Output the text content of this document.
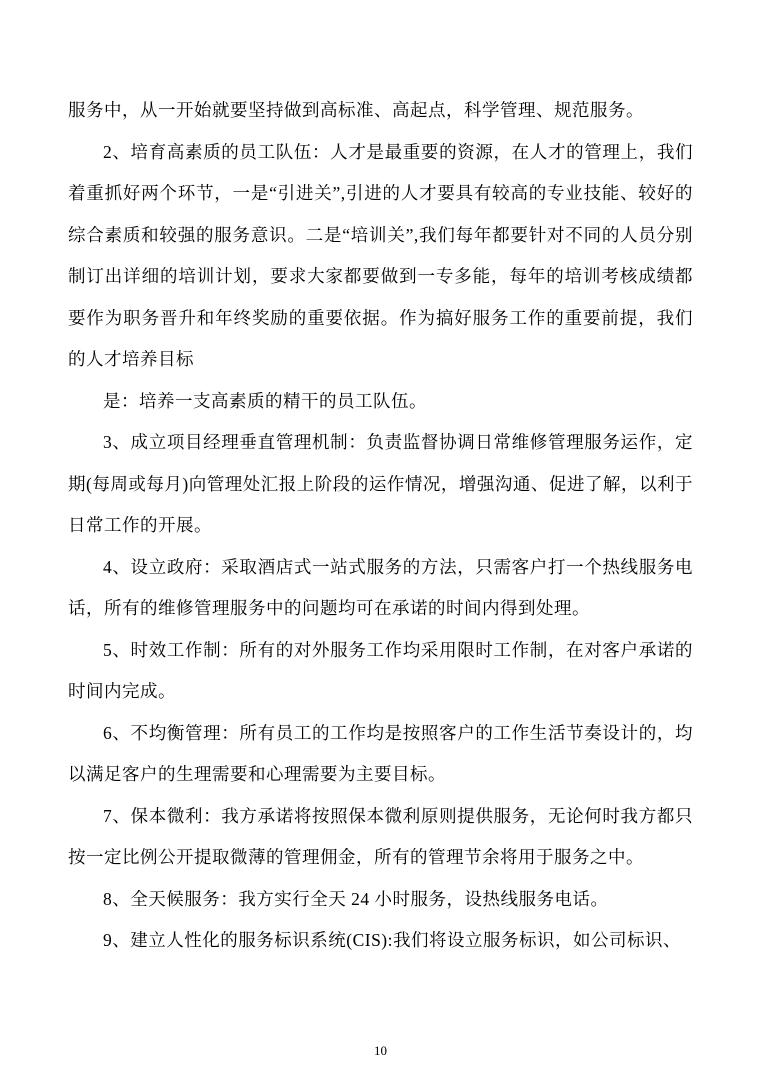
服务中，从一开始就要坚持做到高标准、高起点，科学管理、规范服务。

2、培育高素质的员工队伍：人才是最重要的资源，在人才的管理上，我们着重抓好两个环节，一是“引进关”,引进的人才要具有较高的专业技能、较好的综合素质和较强的服务意识。二是“培训关”,我们每年都要针对不同的人员分别制订出详细的培训计划，要求大家都要做到一专多能，每年的培训考核成绩都要作为职务晋升和年终奖励的重要依据。作为搞好服务工作的重要前提，我们的人才培养目标

是：培养一支高素质的精干的员工队伍。

3、成立项目经理垂直管理机制：负责监督协调日常维修管理服务运作，定期(每周或每月)向管理处汇报上阶段的运作情况，增强沟通、促进了解，以利于日常工作的开展。

4、设立政府：采取酒店式一站式服务的方法，只需客户打一个热线服务电话，所有的维修管理服务中的问题均可在承诺的时间内得到处理。

5、时效工作制：所有的对外服务工作均采用限时工作制，在对客户承诺的时间内完成。

6、不均衡管理：所有员工的工作均是按照客户的工作生活节奏设计的，均以满足客户的生理需要和心理需要为主要目标。

7、保本微利：我方承诺将按照保本微利原则提供服务，无论何时我方都只按一定比例公开提取微薄的管理佣金，所有的管理节余将用于服务之中。

8、全天候服务：我方实行全天 24 小时服务，设热线服务电话。

9、建立人性化的服务标识系统(CIS):我们将设立服务标识，如公司标识、

10
